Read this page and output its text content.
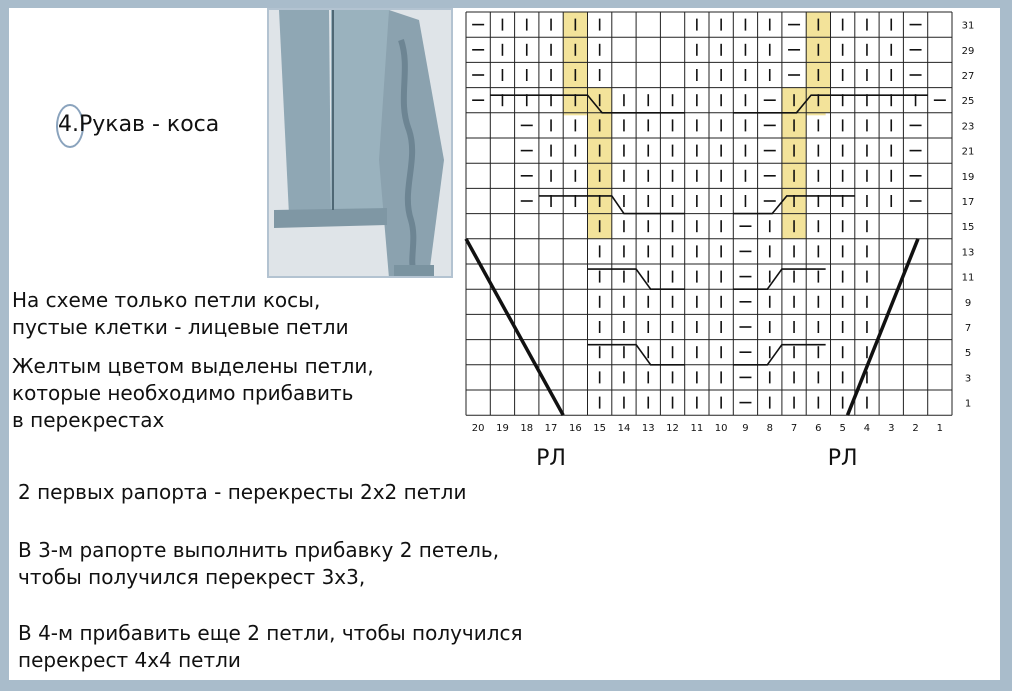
4.Рукав - коса
На схеме только петли косы,
пустые клетки - лицевые петли
Желтым цветом выделены петли,
которые необходимо прибавить
в перекрестах
2 первых рапорта - перекресты 2х2 петли
В 3-м рапорте выполнить прибавку 2 петель,
чтобы получился перекрест 3х3,
В 4-м прибавить еще 2 петли, чтобы получился
перекрест 4х4 петли
20 19 18 17 16 15 14 13 12 11 10 9 8 7 6 5 4 3 2 1
31
29
27
25
23
21
19
17
15
13
11
9
7
5
3
1
РЛ	РЛ
